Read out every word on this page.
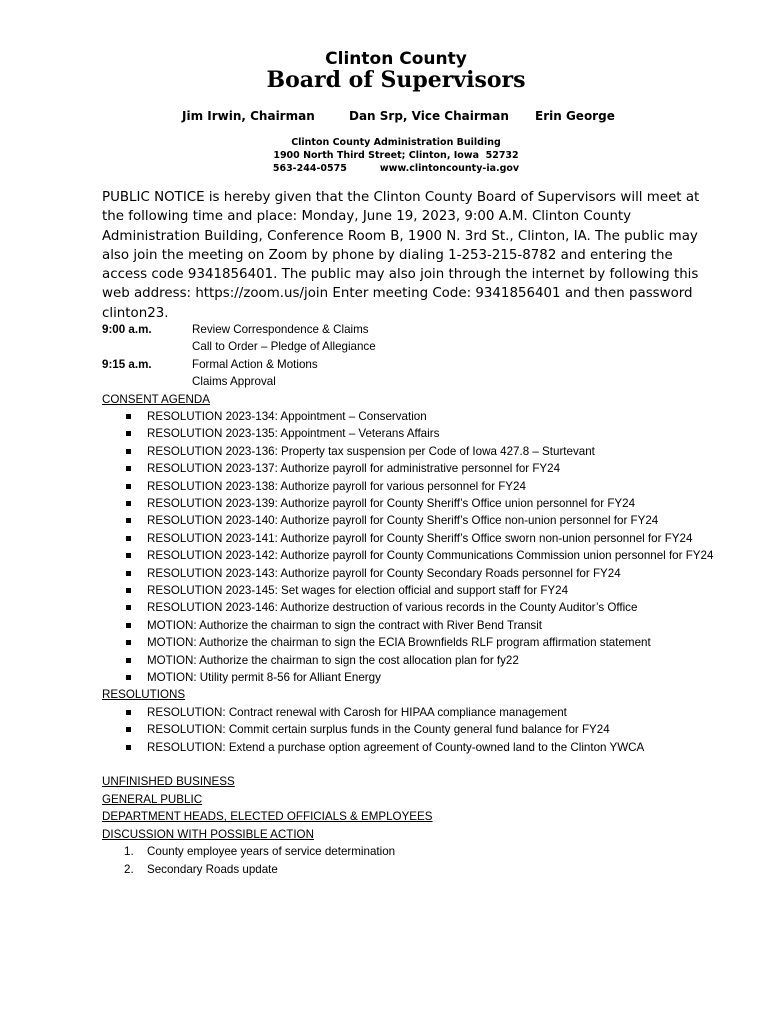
Clinton County
Board of Supervisors
Jim Irwin, Chairman	Dan Srp, Vice Chairman Erin George
Clinton County Administration Building
1900 North Third Street; Clinton, Iowa  52732
563-244-0575          www.clintoncounty-ia.gov
PUBLIC NOTICE is hereby given that the Clinton County Board of Supervisors will meet at the following time and place: Monday, June 19, 2023, 9:00 A.M. Clinton County Administration Building, Conference Room B, 1900 N. 3rd St., Clinton, IA. The public may also join the meeting on Zoom by phone by dialing 1-253-215-8782 and entering the access code 9341856401. The public may also join through the internet by following this web address: https://zoom.us/join Enter meeting Code: 9341856401 and then password clinton23.
9:00 a.m.	Review Correspondence & Claims
Call to Order – Pledge of Allegiance
9:15 a.m.	Formal Action & Motions
Claims Approval
CONSENT AGENDA
RESOLUTION 2023-134: Appointment – Conservation
RESOLUTION 2023-135: Appointment – Veterans Affairs
RESOLUTION 2023-136: Property tax suspension per Code of Iowa 427.8 – Sturtevant
RESOLUTION 2023-137: Authorize payroll for administrative personnel for FY24
RESOLUTION 2023-138: Authorize payroll for various personnel for FY24
RESOLUTION 2023-139: Authorize payroll for County Sheriff’s Office union personnel for FY24
RESOLUTION 2023-140: Authorize payroll for County Sheriff’s Office non-union personnel for FY24
RESOLUTION 2023-141: Authorize payroll for County Sheriff’s Office sworn non-union personnel for FY24
RESOLUTION 2023-142: Authorize payroll for County Communications Commission union personnel for FY24
RESOLUTION 2023-143: Authorize payroll for County Secondary Roads personnel for FY24
RESOLUTION 2023-145: Set wages for election official and support staff for FY24
RESOLUTION 2023-146: Authorize destruction of various records in the County Auditor’s Office
MOTION: Authorize the chairman to sign the contract with River Bend Transit
MOTION: Authorize the chairman to sign the ECIA Brownfields RLF program affirmation statement
MOTION: Authorize the chairman to sign the cost allocation plan for fy22
MOTION: Utility permit 8-56 for Alliant Energy
RESOLUTIONS
RESOLUTION: Contract renewal with Carosh for HIPAA compliance management
RESOLUTION: Commit certain surplus funds in the County general fund balance for FY24
RESOLUTION: Extend a purchase option agreement of County-owned land to the Clinton YWCA
UNFINISHED BUSINESS
GENERAL PUBLIC
DEPARTMENT HEADS, ELECTED OFFICIALS & EMPLOYEES
DISCUSSION WITH POSSIBLE ACTION
1. County employee years of service determination
2. Secondary Roads update
